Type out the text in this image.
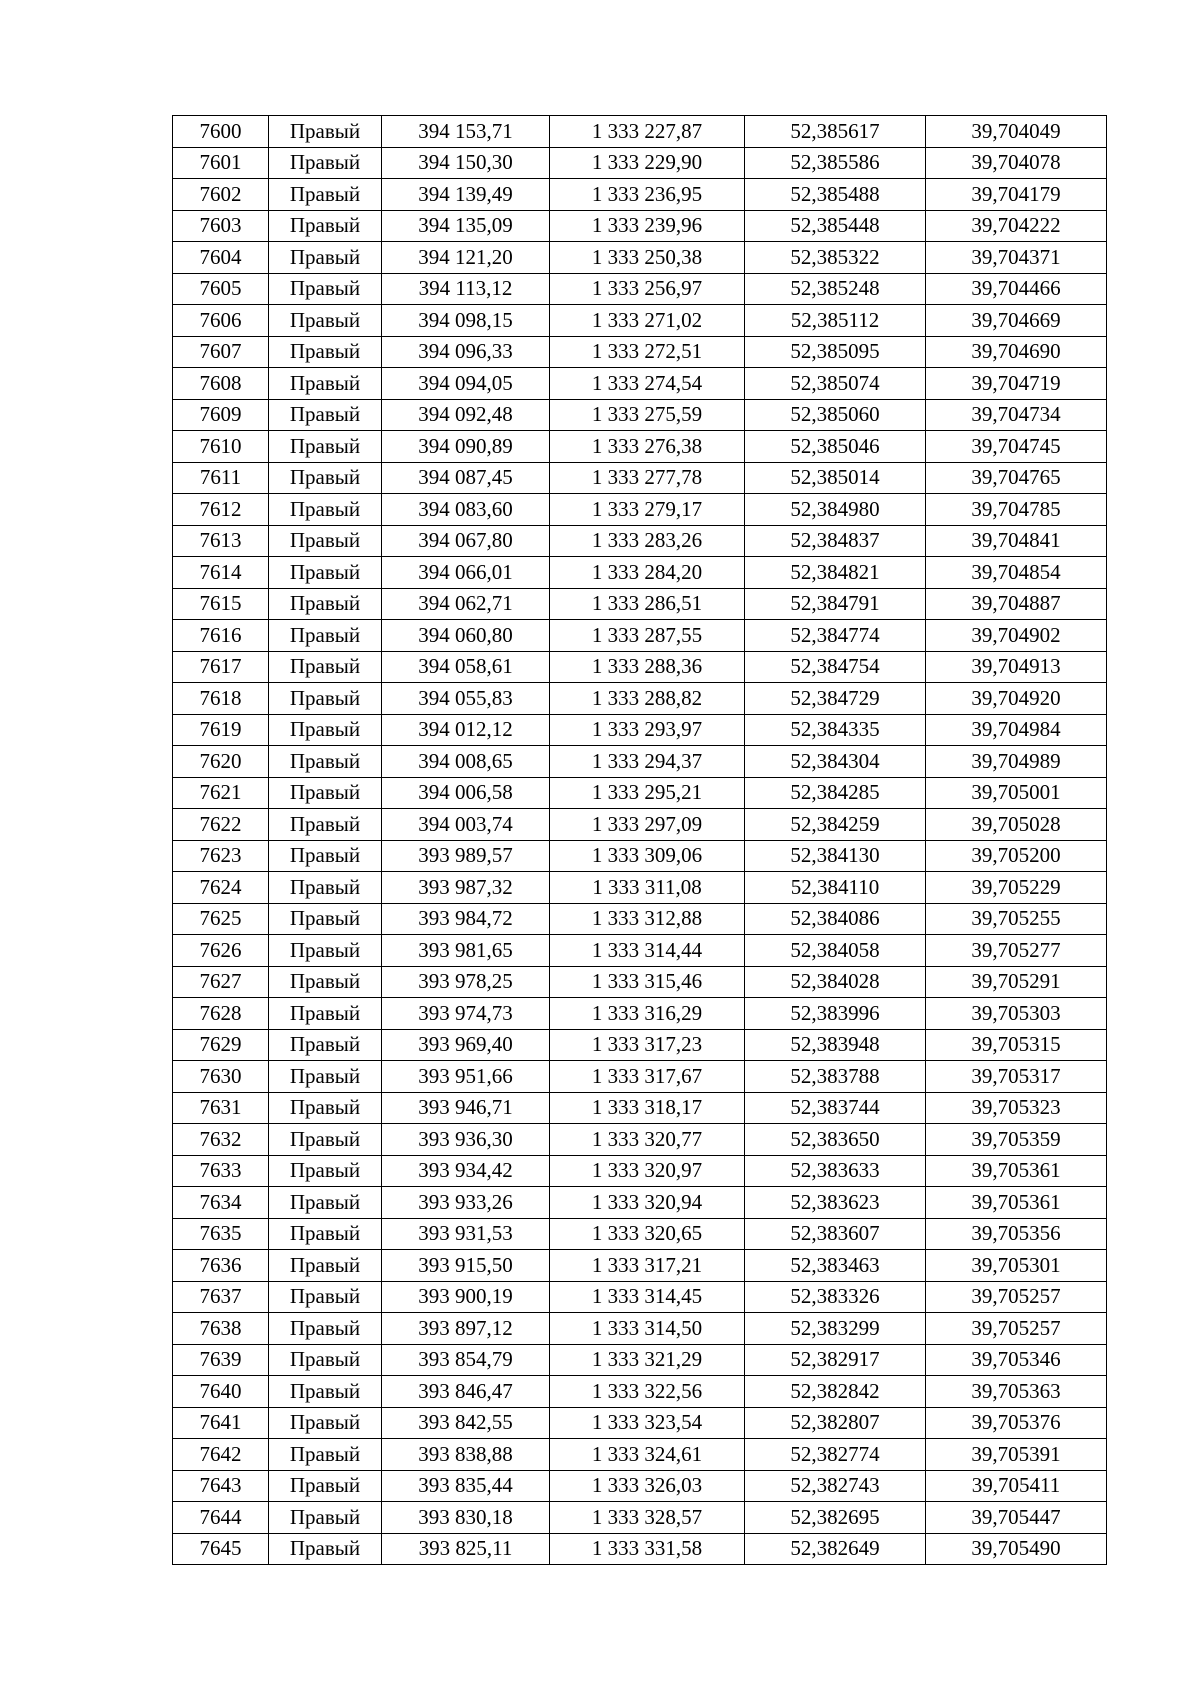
7600	Правый	394 153,71	1 333 227,87	52,385617	39,704049
7601	Правый	394 150,30	1 333 229,90	52,385586	39,704078
7602	Правый	394 139,49	1 333 236,95	52,385488	39,704179
7603	Правый	394 135,09	1 333 239,96	52,385448	39,704222
7604	Правый	394 121,20	1 333 250,38	52,385322	39,704371
7605	Правый	394 113,12	1 333 256,97	52,385248	39,704466
7606	Правый	394 098,15	1 333 271,02	52,385112	39,704669
7607	Правый	394 096,33	1 333 272,51	52,385095	39,704690
7608	Правый	394 094,05	1 333 274,54	52,385074	39,704719
7609	Правый	394 092,48	1 333 275,59	52,385060	39,704734
7610	Правый	394 090,89	1 333 276,38	52,385046	39,704745
7611	Правый	394 087,45	1 333 277,78	52,385014	39,704765
7612	Правый	394 083,60	1 333 279,17	52,384980	39,704785
7613	Правый	394 067,80	1 333 283,26	52,384837	39,704841
7614	Правый	394 066,01	1 333 284,20	52,384821	39,704854
7615	Правый	394 062,71	1 333 286,51	52,384791	39,704887
7616	Правый	394 060,80	1 333 287,55	52,384774	39,704902
7617	Правый	394 058,61	1 333 288,36	52,384754	39,704913
7618	Правый	394 055,83	1 333 288,82	52,384729	39,704920
7619	Правый	394 012,12	1 333 293,97	52,384335	39,704984
7620	Правый	394 008,65	1 333 294,37	52,384304	39,704989
7621	Правый	394 006,58	1 333 295,21	52,384285	39,705001
7622	Правый	394 003,74	1 333 297,09	52,384259	39,705028
7623	Правый	393 989,57	1 333 309,06	52,384130	39,705200
7624	Правый	393 987,32	1 333 311,08	52,384110	39,705229
7625	Правый	393 984,72	1 333 312,88	52,384086	39,705255
7626	Правый	393 981,65	1 333 314,44	52,384058	39,705277
7627	Правый	393 978,25	1 333 315,46	52,384028	39,705291
7628	Правый	393 974,73	1 333 316,29	52,383996	39,705303
7629	Правый	393 969,40	1 333 317,23	52,383948	39,705315
7630	Правый	393 951,66	1 333 317,67	52,383788	39,705317
7631	Правый	393 946,71	1 333 318,17	52,383744	39,705323
7632	Правый	393 936,30	1 333 320,77	52,383650	39,705359
7633	Правый	393 934,42	1 333 320,97	52,383633	39,705361
7634	Правый	393 933,26	1 333 320,94	52,383623	39,705361
7635	Правый	393 931,53	1 333 320,65	52,383607	39,705356
7636	Правый	393 915,50	1 333 317,21	52,383463	39,705301
7637	Правый	393 900,19	1 333 314,45	52,383326	39,705257
7638	Правый	393 897,12	1 333 314,50	52,383299	39,705257
7639	Правый	393 854,79	1 333 321,29	52,382917	39,705346
7640	Правый	393 846,47	1 333 322,56	52,382842	39,705363
7641	Правый	393 842,55	1 333 323,54	52,382807	39,705376
7642	Правый	393 838,88	1 333 324,61	52,382774	39,705391
7643	Правый	393 835,44	1 333 326,03	52,382743	39,705411
7644	Правый	393 830,18	1 333 328,57	52,382695	39,705447
7645	Правый	393 825,11	1 333 331,58	52,382649	39,705490
